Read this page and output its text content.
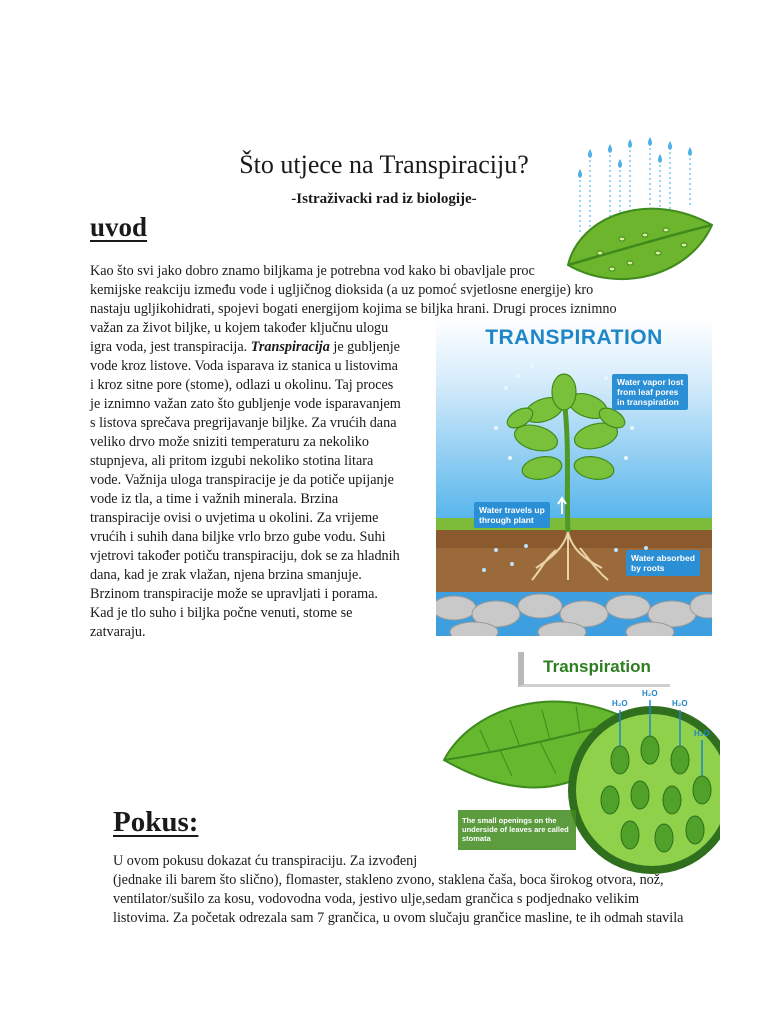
Što utjece na Transpiraciju?
-Istraživacki rad iz biologije-
uvod
Kao što svi jako dobro znamo biljkama je potrebna vod kako bi obavljale proc
kemijske reakciju između vode i ugljičnog dioksida (a uz pomoć svjetlosne energije) kro
nastaju ugljikohidrati, spojevi bogati energijom kojima se biljka hrani. Drugi proces iznimno
važan za život biljke, u kojem također ključnu ulogu
igra voda, jest transpiracija. Transpiracija je gubljenje
vode kroz listove. Voda isparava iz stanica u listovima
i kroz sitne pore (stome), odlazi u okolinu. Taj proces
je iznimno važan zato što gubljenje vode isparavanjem
s listova sprečava pregrijavanje biljke. Za vrućih dana
veliko drvo može sniziti temperaturu za nekoliko
stupnjeva, ali pritom izgubi nekoliko stotina litara
vode. Važnija uloga transpiracije je da potiče upijanje
vode iz tla, a time i važnih minerala. Brzina
transpiracije ovisi o uvjetima u okolini. Za vrijeme
vrućih i suhih dana biljke vrlo brzo gube vodu. Suhi
vjetrovi također potiču transpiraciju, dok se za hladnih
dana, kad je zrak vlažan, njena brzina smanjuje.
Brzinom transpiracije može se upravljati i porama.
Kad je tlo suho i biljka počne venuti, stome se
zatvaraju.
TRANSPIRATION
Water vapor lost
from leaf pores
in transpiration
Water travels up
through plant
Water absorbed
by roots
H₂O
H₂O
H₂O
H₂O
Transpiration
The small openings on the underside of leaves are called stomata
Pokus:
U ovom pokusu dokazat ću transpiraciju. Za izvođenj
(jednake ili barem što slično), flomaster, stakleno zvono, staklena čaša, boca širokog otvora, nož,
ventilator/sušilo za kosu, vodovodna voda, jestivo ulje,sedam grančica s podjednako velikim
listovima. Za početak odrezala sam 7 grančica, u ovom slučaju grančice masline, te ih odmah stavila
